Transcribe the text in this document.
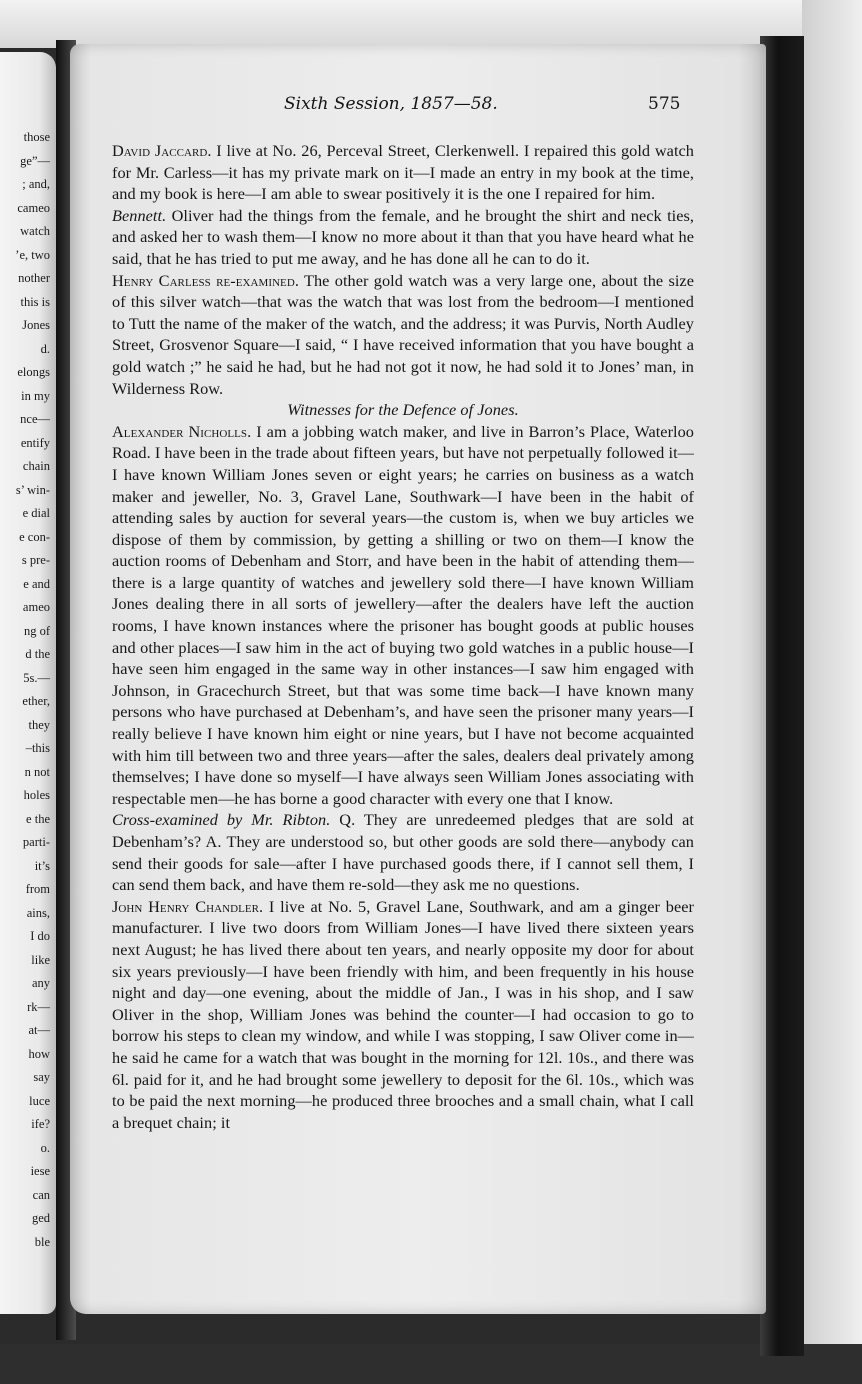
those
ge”—
; and,
cameo
watch
’e, two
nother
this is
Jones
d.
elongs
in my
nce—
entify
chain
s’ win-
e dial
e con-
s pre-
e and
ameo
ng of
d the
5s.—
ether,
they
–this
n not
holes
e the
parti-
it’s
from
ains,
I do
like
any
rk—
at—
how
say
luce
ife?
o.
iese
can
ged
ble
Sixth Session, 1857—58.	575

David Jaccard. I live at No. 26, Perceval Street, Clerkenwell. I repaired this gold watch for Mr. Carless—it has my private mark on it—I made an entry in my book at the time, and my book is here—I am able to swear positively it is the one I repaired for him.

Bennett. Oliver had the things from the female, and he brought the shirt and neck ties, and asked her to wash them—I know no more about it than that you have heard what he said, that he has tried to put me away, and he has done all he can to do it.

Henry Carless re-examined. The other gold watch was a very large one, about the size of this silver watch—that was the watch that was lost from the bedroom—I mentioned to Tutt the name of the maker of the watch, and the address; it was Purvis, North Audley Street, Grosvenor Square—I said, “ I have received information that you have bought a gold watch ;” he said he had, but he had not got it now, he had sold it to Jones’ man, in Wilderness Row.

Witnesses for the Defence of Jones.

Alexander Nicholls. I am a jobbing watch maker, and live in Barron’s Place, Waterloo Road. I have been in the trade about fifteen years, but have not perpetually followed it—I have known William Jones seven or eight years; he carries on business as a watch maker and jeweller, No. 3, Gravel Lane, Southwark—I have been in the habit of attending sales by auction for several years—the custom is, when we buy articles we dispose of them by commission, by getting a shilling or two on them—I know the auction rooms of Debenham and Storr, and have been in the habit of attending them—there is a large quantity of watches and jewellery sold there—I have known William Jones dealing there in all sorts of jewellery—after the dealers have left the auction rooms, I have known instances where the prisoner has bought goods at public houses and other places—I saw him in the act of buying two gold watches in a public house—I have seen him engaged in the same way in other instances—I saw him engaged with Johnson, in Gracechurch Street, but that was some time back—I have known many persons who have purchased at Debenham’s, and have seen the prisoner many years—I really believe I have known him eight or nine years, but I have not become acquainted with him till between two and three years—after the sales, dealers deal privately among themselves; I have done so myself—I have always seen William Jones associating with respectable men—he has borne a good character with every one that I know.

Cross-examined by Mr. Ribton. Q. They are unredeemed pledges that are sold at Debenham’s? A. They are understood so, but other goods are sold there—anybody can send their goods for sale—after I have purchased goods there, if I cannot sell them, I can send them back, and have them re-sold—they ask me no questions.

John Henry Chandler. I live at No. 5, Gravel Lane, Southwark, and am a ginger beer manufacturer. I live two doors from William Jones—I have lived there sixteen years next August; he has lived there about ten years, and nearly opposite my door for about six years previously—I have been friendly with him, and been frequently in his house night and day—one evening, about the middle of Jan., I was in his shop, and I saw Oliver in the shop, William Jones was behind the counter—I had occasion to go to borrow his steps to clean my window, and while I was stopping, I saw Oliver come in—he said he came for a watch that was bought in the morning for 12l. 10s., and there was 6l. paid for it, and he had brought some jewellery to deposit for the 6l. 10s., which was to be paid the next morning—he produced three brooches and a small chain, what I call a brequet chain; it
